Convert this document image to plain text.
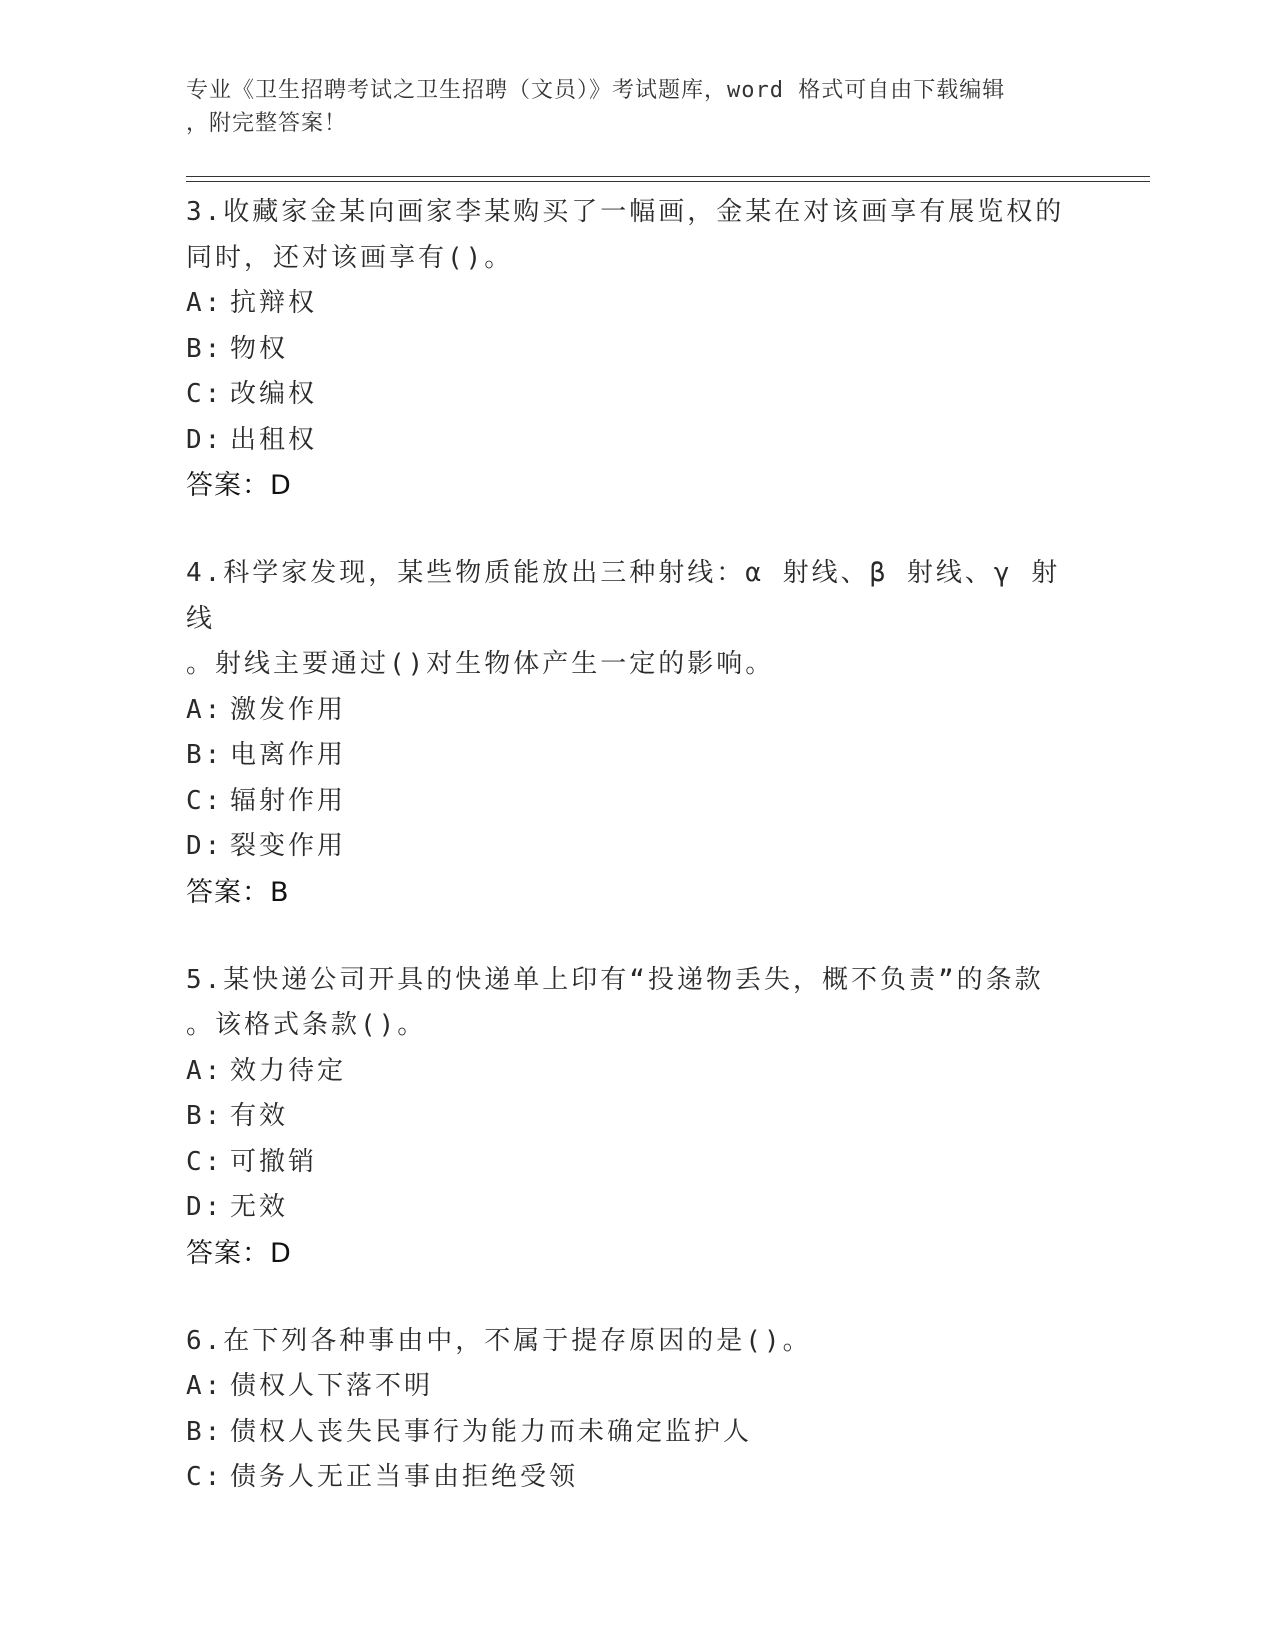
专业《卫生招聘考试之卫生招聘（文员）》考试题库，word 格式可自由下载编辑
，附完整答案！

3.收藏家金某向画家李某购买了一幅画，金某在对该画享有展览权的

同时，还对该画享有()。

A: 抗辩权

B: 物权

C: 改编权

D: 出租权

答案：D

4.科学家发现，某些物质能放出三种射线：α 射线、β 射线、γ 射线

。射线主要通过()对生物体产生一定的影响。

A: 激发作用

B: 电离作用

C: 辐射作用

D: 裂变作用

答案：B

5.某快递公司开具的快递单上印有“投递物丢失，概不负责”的条款

。该格式条款()。

A: 效力待定

B: 有效

C: 可撤销

D: 无效

答案：D

6.在下列各种事由中，不属于提存原因的是()。

A: 债权人下落不明

B: 债权人丧失民事行为能力而未确定监护人

C: 债务人无正当事由拒绝受领
